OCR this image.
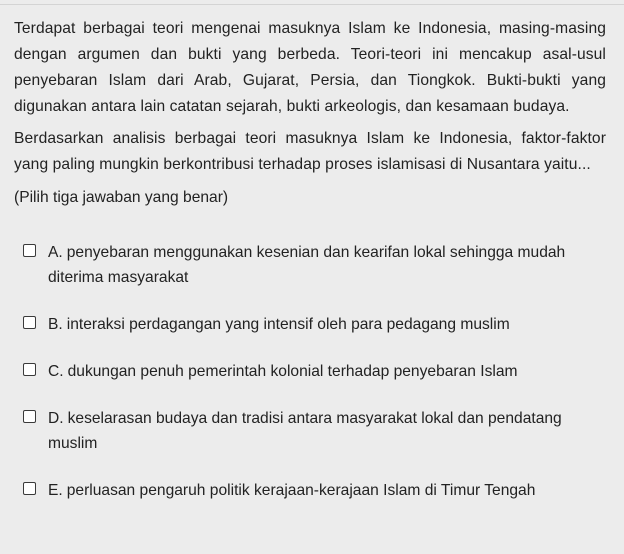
Terdapat berbagai teori mengenai masuknya Islam ke Indonesia, masing-masing dengan argumen dan bukti yang berbeda. Teori-teori ini mencakup asal-usul penyebaran Islam dari Arab, Gujarat, Persia, dan Tiongkok. Bukti-bukti yang digunakan antara lain catatan sejarah, bukti arkeologis, dan kesamaan budaya.

Berdasarkan analisis berbagai teori masuknya Islam ke Indonesia, faktor-faktor yang paling mungkin berkontribusi terhadap proses islamisasi di Nusantara yaitu...

(Pilih tiga jawaban yang benar)

A. penyebaran menggunakan kesenian dan kearifan lokal sehingga mudah diterima masyarakat
B. interaksi perdagangan yang intensif oleh para pedagang muslim
C. dukungan penuh pemerintah kolonial terhadap penyebaran Islam
D. keselarasan budaya dan tradisi antara masyarakat lokal dan pendatang muslim
E. perluasan pengaruh politik kerajaan-kerajaan Islam di Timur Tengah
